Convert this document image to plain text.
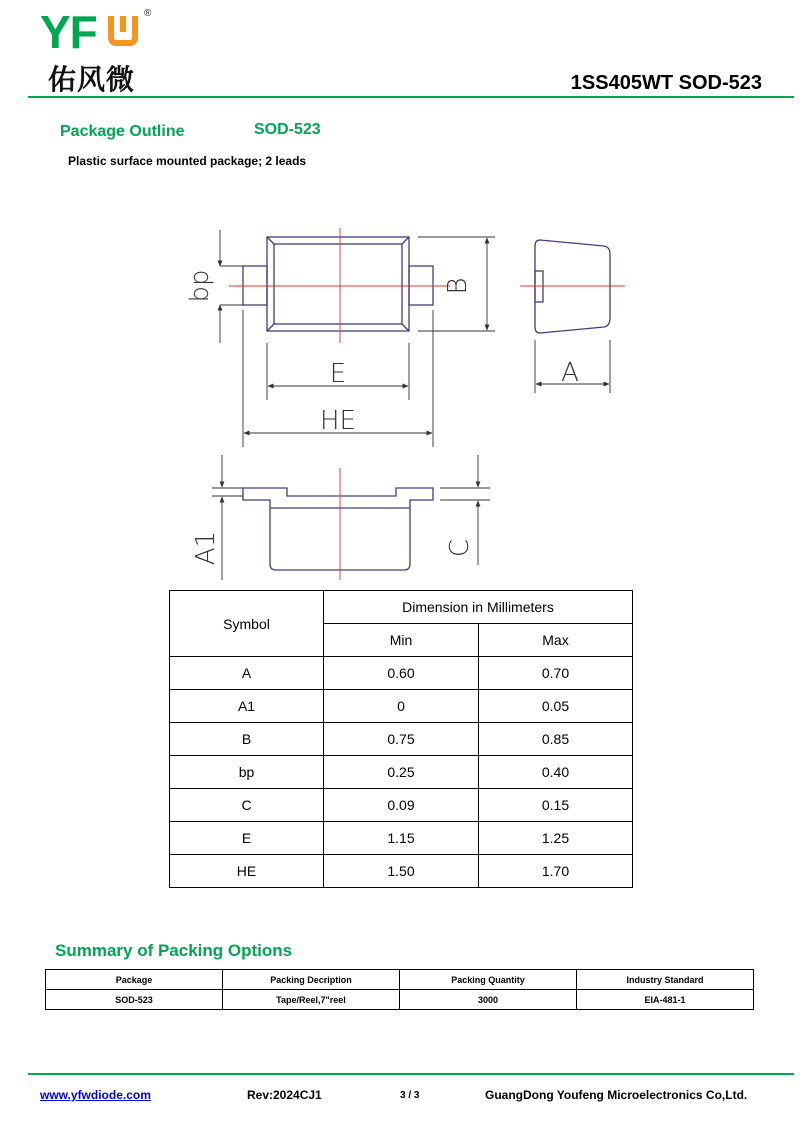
YF	®
佑风微	1SS405WT SOD-523
Package Outline	SOD-523
Plastic surface mounted package; 2 leads
bp	B
E
HE
A
A1	C
Symbol	Dimension in Millimeters	
	Min	Max
A	0.60	0.70
A1	0	0.05
B	0.75	0.85
bp	0.25	0.40
C	0.09	0.15
E	1.15	1.25
HE	1.50	1.70
Summary of Packing Options
Package	Packing Decription	Packing Quantity	Industry Standard
SOD-523	Tape/Reel,7"reel	3000	EIA-481-1
www.yfwdiode.com	Rev:2024CJ1	3 / 3	GuangDong Youfeng Microelectronics Co,Ltd.
